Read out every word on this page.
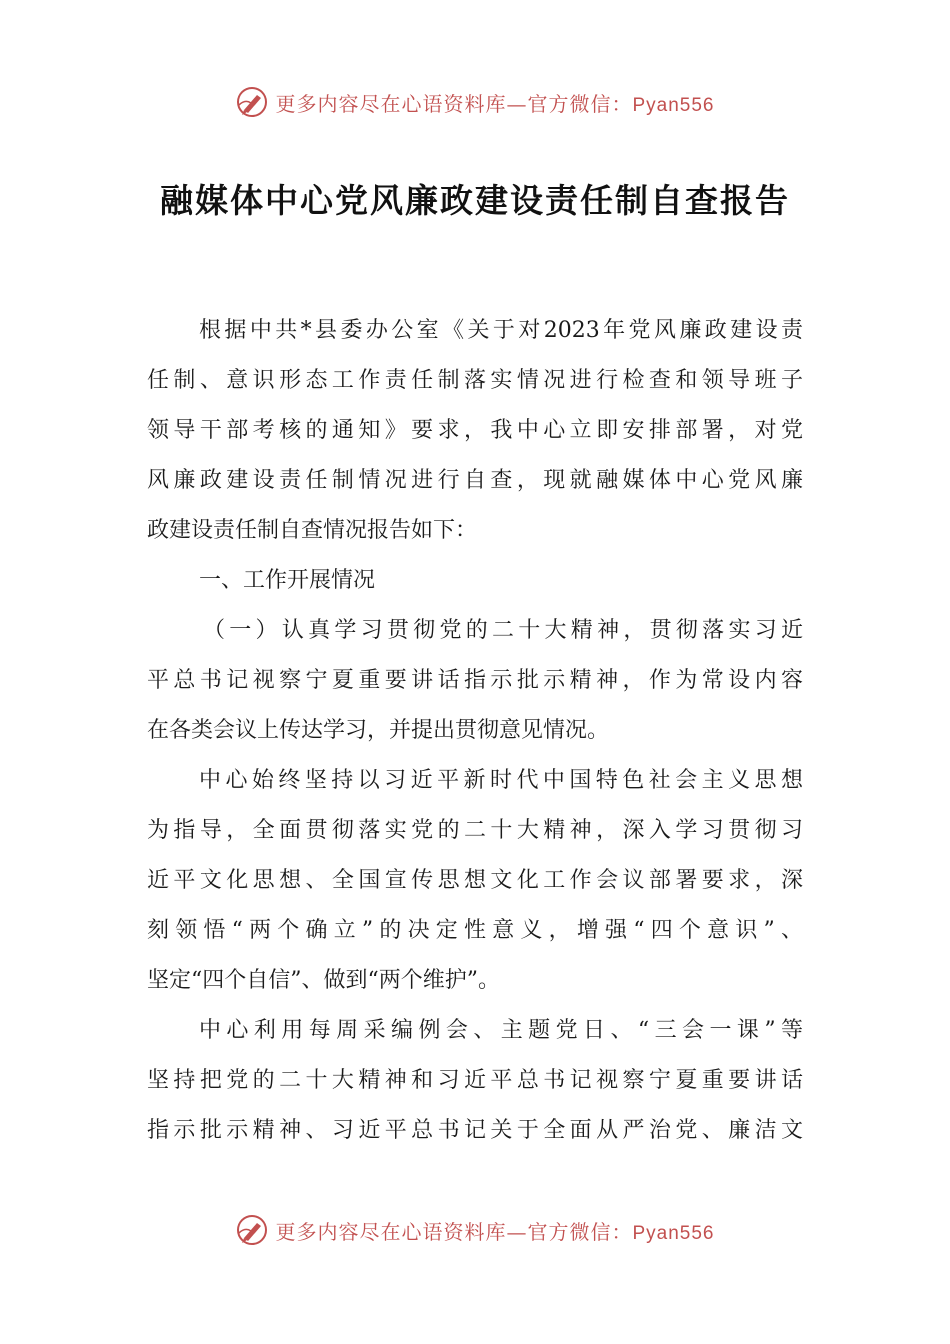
更多内容尽在心语资料库—官方微信：Pyan556
融媒体中心党风廉政建设责任制自查报告
根据中共*县委办公室《关于对2023年党风廉政建设责
任制、意识形态工作责任制落实情况进行检查和领导班子
领导干部考核的通知》要求，我中心立即安排部署，对党
风廉政建设责任制情况进行自查，现就融媒体中心党风廉
政建设责任制自查情况报告如下：
一、工作开展情况
（一）认真学习贯彻党的二十大精神，贯彻落实习近
平总书记视察宁夏重要讲话指示批示精神，作为常设内容
在各类会议上传达学习，并提出贯彻意见情况。
中心始终坚持以习近平新时代中国特色社会主义思想
为指导，全面贯彻落实党的二十大精神，深入学习贯彻习
近平文化思想、全国宣传思想文化工作会议部署要求，深
刻领悟“两个确立”的决定性意义，增强“四个意识”、
坚定“四个自信”、做到“两个维护”。
中心利用每周采编例会、主题党日、“三会一课”等
坚持把党的二十大精神和习近平总书记视察宁夏重要讲话
指示批示精神、习近平总书记关于全面从严治党、廉洁文
更多内容尽在心语资料库—官方微信：Pyan556
